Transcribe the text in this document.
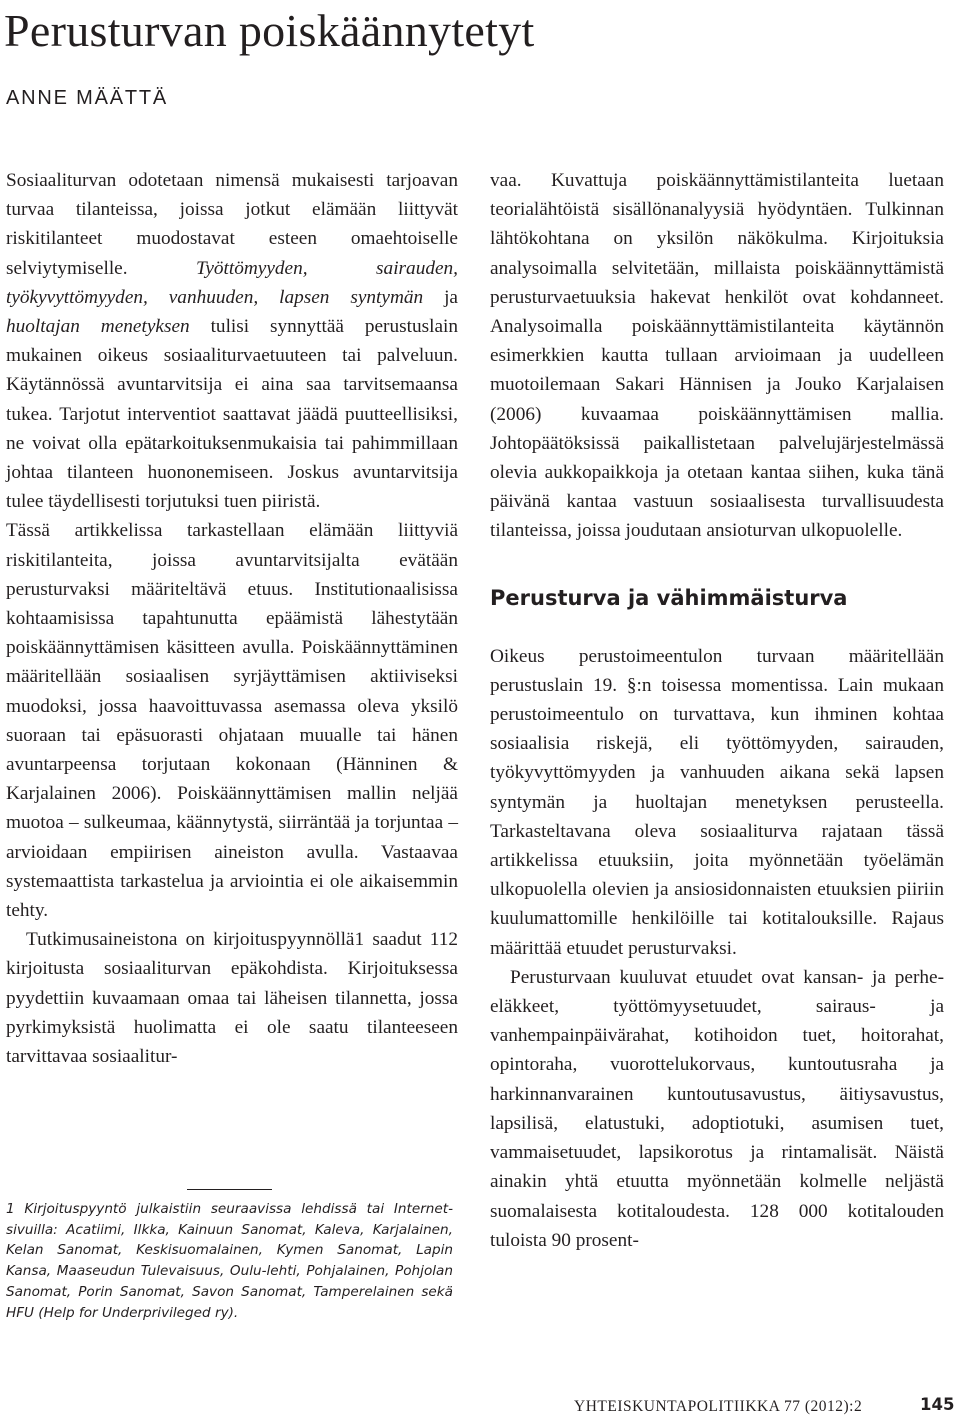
Perusturvan poiskäännytetyt
ANNE MÄÄTTÄ

Sosiaaliturvan odotetaan nimensä mukaisesti tarjoavan turvaa tilanteissa, joissa jotkut elämään liittyvät riskitilanteet muodostavat esteen omaehtoiselle selviytymiselle. Työttömyyden, sairauden, työkyvyttömyyden, vanhuuden, lapsen syntymän ja huoltajan menetyksen tulisi synnyttää perustuslain mukainen oikeus sosiaaliturvaetuuteen tai palveluun. Käytännössä avuntarvitsija ei aina saa tarvitsemaansa tukea. Tarjotut interventiot saattavat jäädä puutteellisiksi, ne voivat olla epätarkoituksenmukaisia tai pahimmillaan johtaa tilanteen huononemiseen. Joskus avuntarvitsija tulee täydellisesti torjutuksi tuen piiristä.

Tässä artikkelissa tarkastellaan elämään liittyviä riskitilanteita, joissa avuntarvitsijalta evätään perusturvaksi määriteltävä etuus. Institutionaalisissa kohtaamisissa tapahtunutta epäämistä lähestytään poiskäännyttämisen käsitteen avulla. Poiskäännyttäminen määritellään sosiaalisen syrjäyttämisen aktiiviseksi muodoksi, jossa haavoittuvassa asemassa oleva yksilö suoraan tai epäsuorasti ohjataan muualle tai hänen avuntarpeensa torjutaan kokonaan (Hänninen & Karjalainen 2006). Poiskäännyttämisen mallin neljää muotoa – sulkeumaa, käännytystä, siirräntää ja torjuntaa – arvioidaan empiirisen aineiston avulla. Vastaavaa systemaattista tarkastelua ja arviointia ei ole aikaisemmin tehty.

Tutkimusaineistona on kirjoituspyynnöllä1 saadut 112 kirjoitusta sosiaaliturvan epäkohdista. Kirjoituksessa pyydettiin kuvaamaan omaa tai läheisen tilannetta, jossa pyrkimyksistä huolimatta ei ole saatu tilanteeseen tarvittavaa sosiaalitur-

1 Kirjoituspyyntö julkaistiin seuraavissa lehdissä tai Internet-sivuilla: Acatiimi, Ilkka, Kainuun Sanomat, Kaleva, Karjalainen, Kelan Sanomat, Keskisuomalainen, Kymen Sanomat, Lapin Kansa, Maaseudun Tulevaisuus, Oulu-lehti, Pohjalainen, Pohjolan Sanomat, Porin Sanomat, Savon Sanomat, Tamperelainen sekä HFU (Help for Underprivileged ry).

vaa. Kuvattuja poiskäännyttämistilanteita luetaan teorialähtöistä sisällönanalyysiä hyödyntäen. Tulkinnan lähtökohtana on yksilön näkökulma. Kirjoituksia analysoimalla selvitetään, millaista poiskäännyttämistä perusturvaetuuksia hakevat henkilöt ovat kohdanneet. Analysoimalla poiskäännyttämistilanteita käytännön esimerkkien kautta tullaan arvioimaan ja uudelleen muotoilemaan Sakari Hännisen ja Jouko Karjalaisen (2006) kuvaamaa poiskäännyttämisen mallia. Johtopäätöksissä paikallistetaan palvelujärjestelmässä olevia aukkopaikkoja ja otetaan kantaa siihen, kuka tänä päivänä kantaa vastuun sosiaalisesta turvallisuudesta tilanteissa, joissa joudutaan ansioturvan ulkopuolelle.

Perusturva ja vähimmäisturva

Oikeus perustoimeentulon turvaan määritellään perustuslain 19. §:n toisessa momentissa. Lain mukaan perustoimeentulo on turvattava, kun ihminen kohtaa sosiaalisia riskejä, eli työttömyyden, sairauden, työkyvyttömyyden ja vanhuuden aikana sekä lapsen syntymän ja huoltajan menetyksen perusteella. Tarkasteltavana oleva sosiaaliturva rajataan tässä artikkelissa etuuksiin, joita myönnetään työelämän ulkopuolella olevien ja ansiosidonnaisten etuuksien piiriin kuulumattomille henkilöille tai kotitalouksille. Rajaus määrittää etuudet perusturvaksi.

Perusturvaan kuuluvat etuudet ovat kansan- ja perhe-eläkkeet, työttömyysetuudet, sairaus- ja vanhempainpäivärahat, kotihoidon tuet, hoitorahat, opintoraha, vuorottelukorvaus, kuntoutusraha ja harkinnanvarainen kuntoutusavustus, äitiysavustus, lapsilisä, elatustuki, adoptiotuki, asumisen tuet, vammaisetuudet, lapsikorotus ja rintamalisät. Näistä ainakin yhtä etuutta myönnetään kolmelle neljästä suomalaisesta kotitaloudesta. 128 000 kotitalouden tuloista 90 prosent-

YHTEISKUNTAPOLITIIKKA 77 (2012):2	145
